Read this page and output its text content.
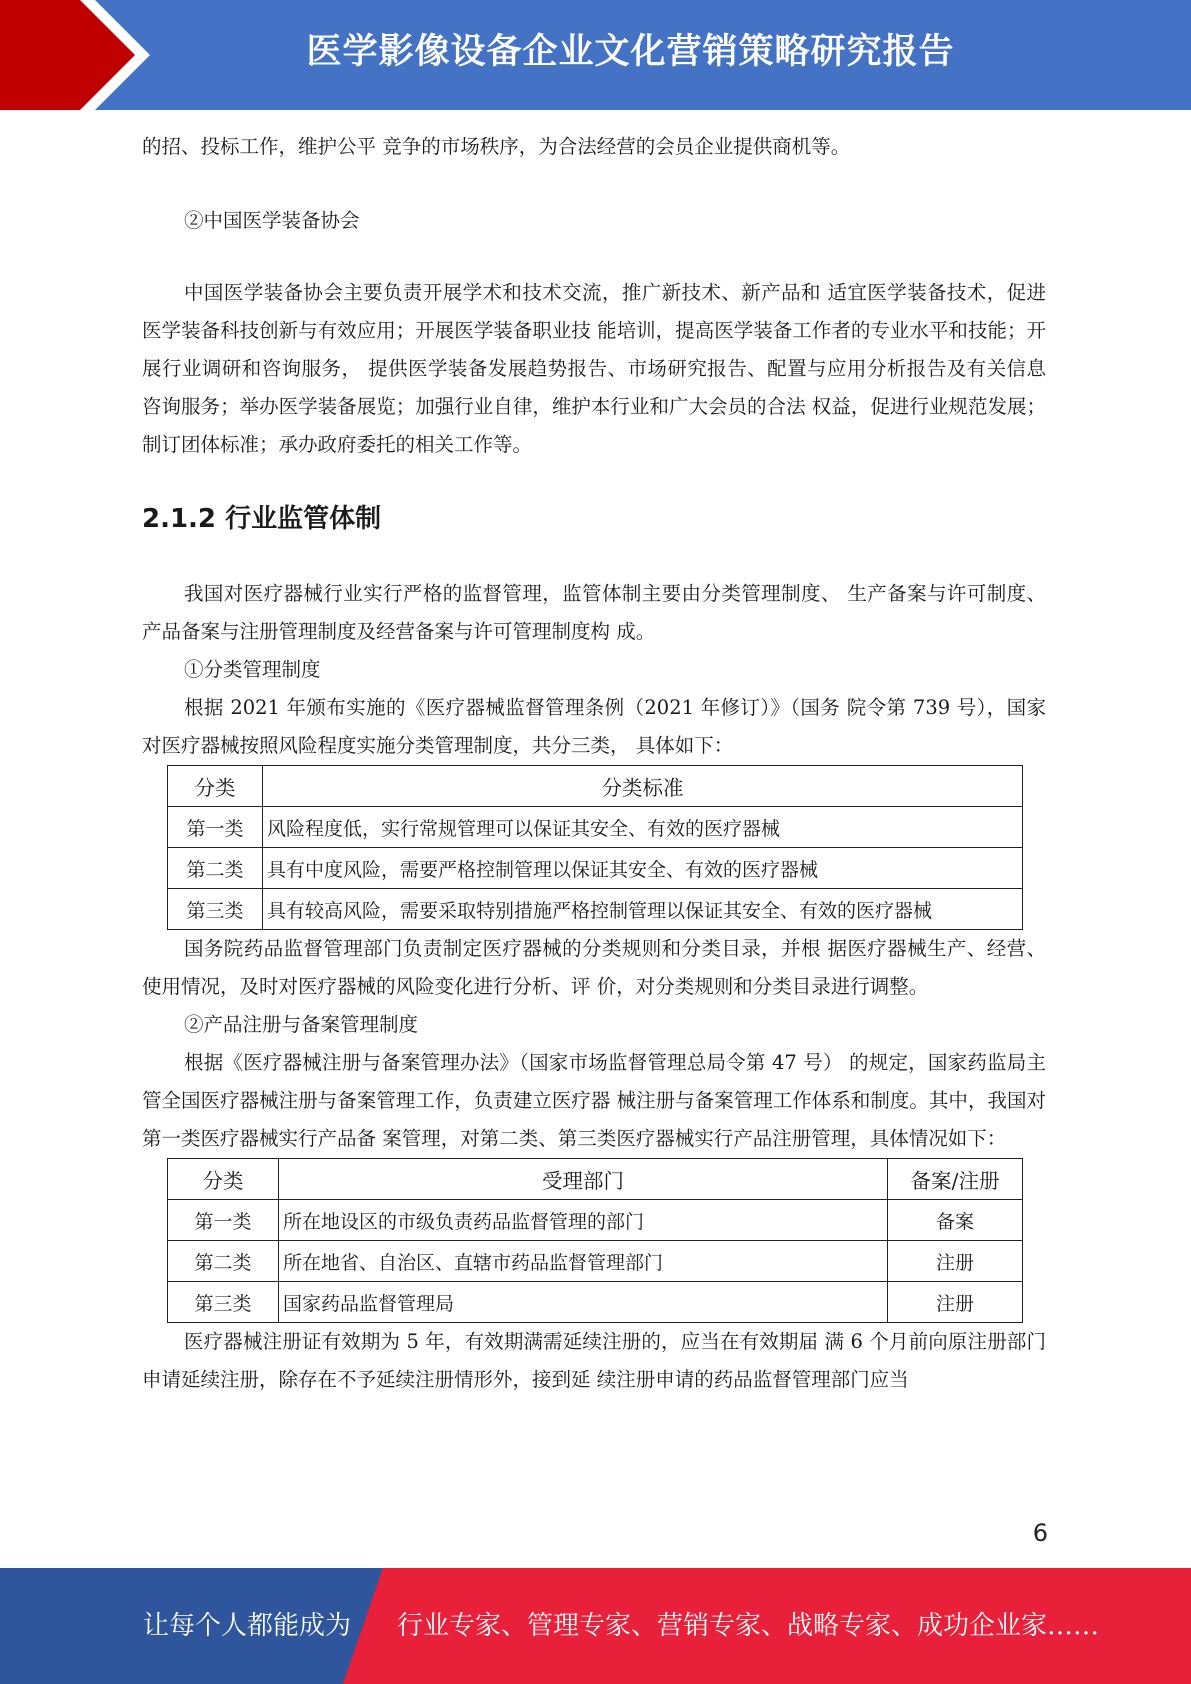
医学影像设备企业文化营销策略研究报告

的招、投标工作，维护公平 竞争的市场秩序，为合法经营的会员企业提供商机等。

②中国医学装备协会

中国医学装备协会主要负责开展学术和技术交流，推广新技术、新产品和 适宜医学装备技术，促进医学装备科技创新与有效应用；开展医学装备职业技 能培训，提高医学装备工作者的专业水平和技能；开展行业调研和咨询服务， 提供医学装备发展趋势报告、市场研究报告、配置与应用分析报告及有关信息 咨询服务；举办医学装备展览；加强行业自律，维护本行业和广大会员的合法 权益，促进行业规范发展；制订团体标准；承办政府委托的相关工作等。

2.1.2 行业监管体制

我国对医疗器械行业实行严格的监督管理，监管体制主要由分类管理制度、 生产备案与许可制度、产品备案与注册管理制度及经营备案与许可管理制度构 成。

①分类管理制度

根据 2021 年颁布实施的《医疗器械监督管理条例（2021 年修订）》（国务 院令第 739 号），国家对医疗器械按照风险程度实施分类管理制度，共分三类， 具体如下：

分类	分类标准
第一类	风险程度低，实行常规管理可以保证其安全、有效的医疗器械
第二类	具有中度风险，需要严格控制管理以保证其安全、有效的医疗器械
第三类	具有较高风险，需要采取特别措施严格控制管理以保证其安全、有效的医疗器械

国务院药品监督管理部门负责制定医疗器械的分类规则和分类目录，并根 据医疗器械生产、经营、使用情况，及时对医疗器械的风险变化进行分析、评 价，对分类规则和分类目录进行调整。

②产品注册与备案管理制度

根据《医疗器械注册与备案管理办法》（国家市场监督管理总局令第 47 号） 的规定，国家药监局主管全国医疗器械注册与备案管理工作，负责建立医疗器 械注册与备案管理工作体系和制度。其中，我国对第一类医疗器械实行产品备 案管理，对第二类、第三类医疗器械实行产品注册管理，具体情况如下：

分类	受理部门	备案/注册
第一类	所在地设区的市级负责药品监督管理的部门	备案
第二类	所在地省、自治区、直辖市药品监督管理部门	注册
第三类	国家药品监督管理局	注册

医疗器械注册证有效期为 5 年，有效期满需延续注册的，应当在有效期届 满 6 个月前向原注册部门申请延续注册，除存在不予延续注册情形外，接到延 续注册申请的药品监督管理部门应当

6
让每个人都能成为 行业专家、管理专家、营销专家、战略专家、成功企业家……
